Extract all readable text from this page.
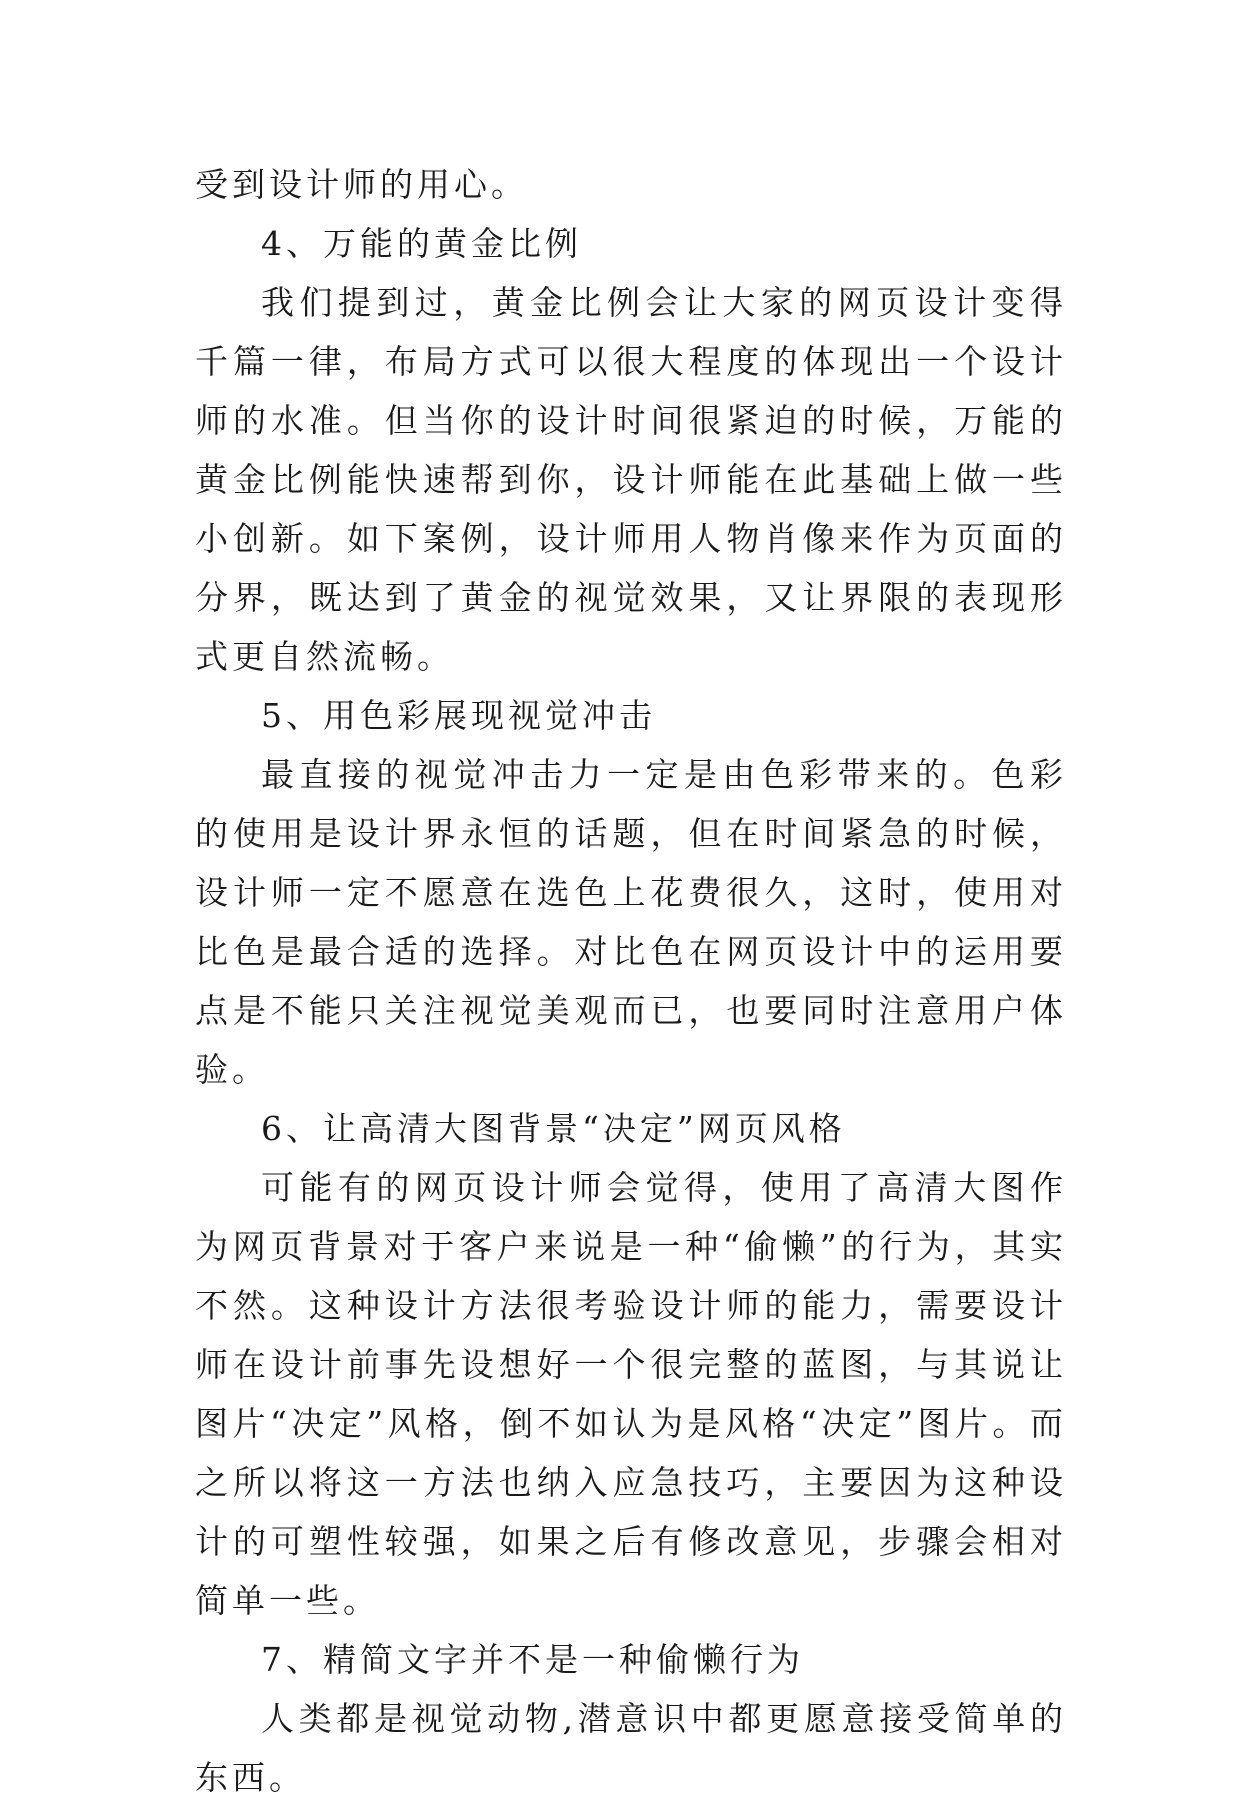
受到设计师的用心。

4、万能的黄金比例

我们提到过，黄金比例会让大家的网页设计变得千篇一律，布局方式可以很大程度的体现出一个设计师的水准。但当你的设计时间很紧迫的时候，万能的黄金比例能快速帮到你，设计师能在此基础上做一些小创新。如下案例，设计师用人物肖像来作为页面的分界，既达到了黄金的视觉效果，又让界限的表现形式更自然流畅。

5、用色彩展现视觉冲击

最直接的视觉冲击力一定是由色彩带来的。色彩的使用是设计界永恒的话题，但在时间紧急的时候，设计师一定不愿意在选色上花费很久，这时，使用对比色是最合适的选择。对比色在网页设计中的运用要点是不能只关注视觉美观而已，也要同时注意用户体验。

6、让高清大图背景“决定”网页风格

可能有的网页设计师会觉得，使用了高清大图作为网页背景对于客户来说是一种“偷懒”的行为，其实不然。这种设计方法很考验设计师的能力，需要设计师在设计前事先设想好一个很完整的蓝图，与其说让图片“决定”风格，倒不如认为是风格“决定”图片。而之所以将这一方法也纳入应急技巧，主要因为这种设计的可塑性较强，如果之后有修改意见，步骤会相对简单一些。

7、精简文字并不是一种偷懒行为

人类都是视觉动物,潜意识中都更愿意接受简单的东西。
